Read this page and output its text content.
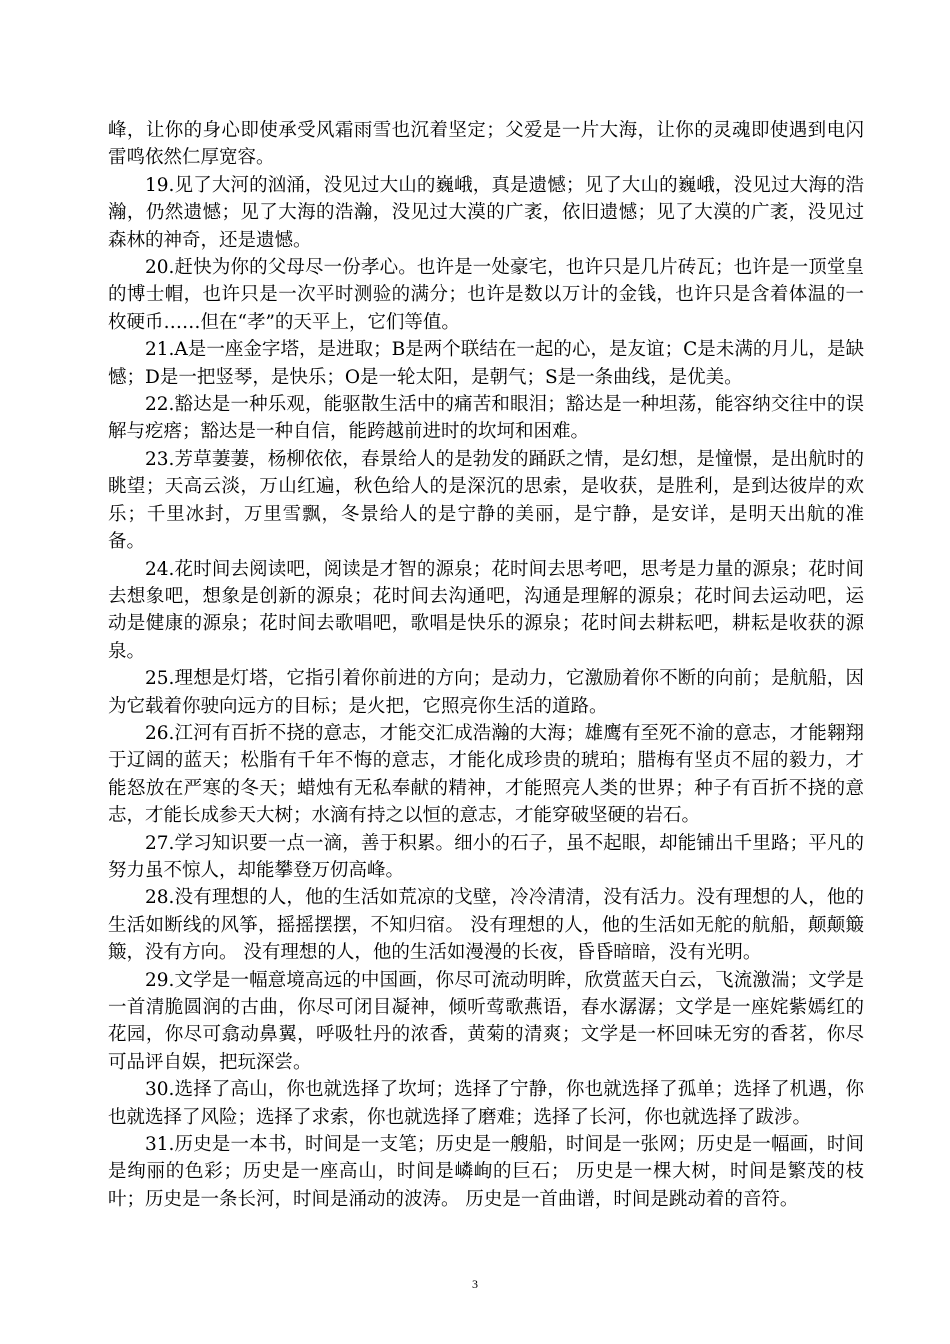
峰，让你的身心即使承受风霜雨雪也沉着坚定；父爱是一片大海，让你的灵魂即使遇到电闪雷鸣依然仁厚宽容。

19.见了大河的汹涌，没见过大山的巍峨，真是遗憾；见了大山的巍峨，没见过大海的浩瀚，仍然遗憾；见了大海的浩瀚，没见过大漠的广袤，依旧遗憾；见了大漠的广袤，没见过森林的神奇，还是遗憾。

20.赶快为你的父母尽一份孝心。也许是一处豪宅，也许只是几片砖瓦；也许是一顶堂皇的博士帽，也许只是一次平时测验的满分；也许是数以万计的金钱，也许只是含着体温的一枚硬币……但在“孝”的天平上，它们等值。

21.A是一座金字塔，是进取；B是两个联结在一起的心，是友谊；C是未满的月儿，是缺憾；D是一把竖琴，是快乐；O是一轮太阳，是朝气；S是一条曲线，是优美。

22.豁达是一种乐观，能驱散生活中的痛苦和眼泪；豁达是一种坦荡，能容纳交往中的误解与疙瘩；豁达是一种自信，能跨越前进时的坎坷和困难。

23.芳草萋萋，杨柳依依，春景给人的是勃发的踊跃之情，是幻想，是憧憬，是出航时的眺望；天高云淡，万山红遍，秋色给人的是深沉的思索，是收获，是胜利，是到达彼岸的欢乐；千里冰封，万里雪飘，冬景给人的是宁静的美丽，是宁静，是安详，是明天出航的准备。

24.花时间去阅读吧，阅读是才智的源泉；花时间去思考吧，思考是力量的源泉；花时间去想象吧，想象是创新的源泉；花时间去沟通吧，沟通是理解的源泉；花时间去运动吧，运动是健康的源泉；花时间去歌唱吧，歌唱是快乐的源泉；花时间去耕耘吧，耕耘是收获的源泉。

25.理想是灯塔，它指引着你前进的方向；是动力，它激励着你不断的向前；是航船，因为它载着你驶向远方的目标；是火把，它照亮你生活的道路。

26.江河有百折不挠的意志，才能交汇成浩瀚的大海；雄鹰有至死不渝的意志，才能翱翔于辽阔的蓝天；松脂有千年不悔的意志，才能化成珍贵的琥珀；腊梅有坚贞不屈的毅力，才能怒放在严寒的冬天；蜡烛有无私奉献的精神，才能照亮人类的世界；种子有百折不挠的意志，才能长成参天大树；水滴有持之以恒的意志，才能穿破坚硬的岩石。

27.学习知识要一点一滴，善于积累。细小的石子，虽不起眼，却能铺出千里路；平凡的努力虽不惊人，却能攀登万仞高峰。

28.没有理想的人，他的生活如荒凉的戈壁，冷冷清清，没有活力。没有理想的人，他的生活如断线的风筝，摇摇摆摆，不知归宿。 没有理想的人，他的生活如无舵的航船，颠颠簸簸，没有方向。 没有理想的人，他的生活如漫漫的长夜，昏昏暗暗，没有光明。

29.文学是一幅意境高远的中国画，你尽可流动明眸，欣赏蓝天白云，飞流激湍；文学是一首清脆圆润的古曲，你尽可闭目凝神，倾听莺歌燕语，春水潺潺；文学是一座姹紫嫣红的花园，你尽可翕动鼻翼，呼吸牡丹的浓香，黄菊的清爽；文学是一杯回味无穷的香茗，你尽可品评自娱，把玩深尝。

30.选择了高山，你也就选择了坎坷；选择了宁静，你也就选择了孤单；选择了机遇，你也就选择了风险；选择了求索，你也就选择了磨难；选择了长河，你也就选择了跋涉。

31.历史是一本书，时间是一支笔；历史是一艘船，时间是一张网；历史是一幅画，时间是绚丽的色彩；历史是一座高山，时间是嶙峋的巨石； 历史是一棵大树，时间是繁茂的枝叶；历史是一条长河，时间是涌动的波涛。 历史是一首曲谱，时间是跳动着的音符。

3
